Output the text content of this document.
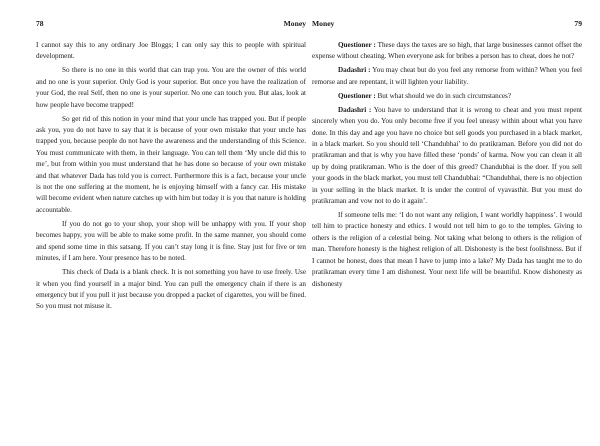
78	Money

I cannot say this to any ordinary Joe Bloggs; I can only say this to people with spiritual development.

So there is no one in this world that can trap you. You are the owner of this world and no one is your superior. Only God is your superior. But once you have the realization of your God, the real Self, then no one is your superior. No one can touch you. But alas, look at how people have become trapped!

So get rid of this notion in your mind that your uncle has trapped you. But if people ask you, you do not have to say that it is because of your own mistake that your uncle has trapped you, because people do not have the awareness and the understanding of this Science. You must communicate with them, in their language. You can tell them ‘My uncle did this to me’, but from within you must understand that he has done so because of your own mistake and that whatever Dada has told you is correct. Furthermore this is a fact, because your uncle is not the one suffering at the moment, he is enjoying himself with a fancy car. His mistake will become evident when nature catches up with him but today it is you that nature is holding accountable.

If you do not go to your shop, your shop will be unhappy with you. If your shop becomes happy, you will be able to make some profit. In the same manner, you should come and spend some time in this satsang. If you can’t stay long it is fine. Stay just for five or ten minutes, if I am here. Your presence has to be noted.

This check of Dada is a blank check. It is not something you have to use freely. Use it when you find yourself in a major bind. You can pull the emergency chain if there is an emergency but if you pull it just because you dropped a packet of cigarettes, you will be fined. So you must not misuse it.

Money	79

Questioner : These days the taxes are so high, that large businesses cannot offset the expense without cheating. When everyone ask for bribes a person has to cheat, does he not?

Dadashri : You may cheat but do you feel any remorse from within? When you feel remorse and are repentant, it will lighten your liability.

Questioner : But what should we do in such circumstances?

Dadashri : You have to understand that it is wrong to cheat and you must repent sincerely when you do. You only become free if you feel uneasy within about what you have done. In this day and age you have no choice but sell goods you purchased in a black market, in a black market. So you should tell ‘Chandubhai’ to do pratikraman. Before you did not do pratikraman and that is why you have filled these ‘ponds’ of karma. Now you can clean it all up by doing pratikraman. Who is the doer of this greed? Chandubhai is the doer. If you sell your goods in the black market, you must tell Chandubhai: “Chandubhai, there is no objection in your selling in the black market. It is under the control of vyavasthit. But you must do pratikraman and vow not to do it again’.

If someone tells me: ‘I do not want any religion, I want worldly happiness’. I would tell him to practice honesty and ethics. I would not tell him to go to the temples. Giving to others is the religion of a celestial being. Not taking what belong to others is the religion of man. Therefore honesty is the highest religion of all. Dishonesty is the best foolishness. But if I cannot be honest, does that mean I have to jump into a lake? My Dada has taught me to do pratikraman every time I am dishonest. Your next life will be beautiful. Know dishonesty as dishonesty
